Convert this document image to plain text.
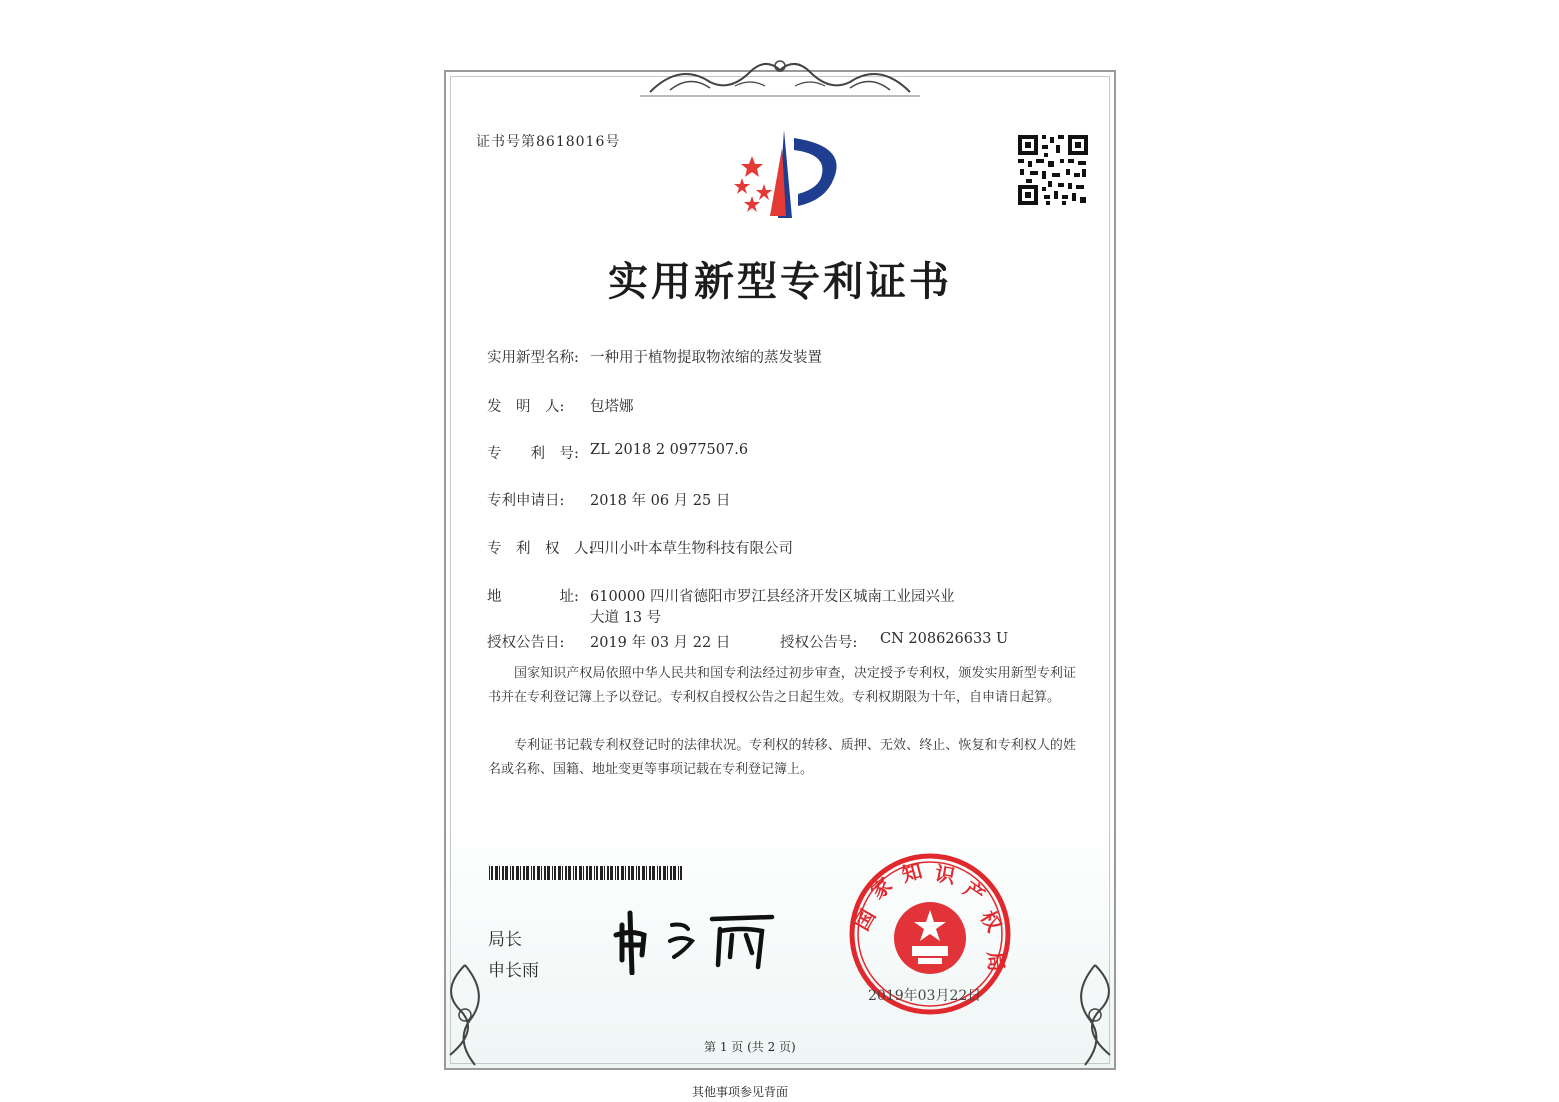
证书号第8618016号
实用新型专利证书
实用新型名称: 一种用于植物提取物浓缩的蒸发装置
发　明　人: 包塔娜
专　　利　号: ZL 2018 2 0977507.6
专利申请日: 2018 年 06 月 25 日
专　利　权　人:
四川小叶本草生物科技有限公司
地　　　　址: 610000 四川省德阳市罗江县经济开发区城南工业园兴业
大道 13 号
授权公告日: 2019 年 03 月 22 日	授权公告号: CN 208626633 U

国家知识产权局依照中华人民共和国专利法经过初步审查，决定授予专利权，颁发实用新型专利证书并在专利登记簿上予以登记。专利权自授权公告之日起生效。专利权期限为十年，自申请日起算。

专利证书记载专利权登记时的法律状况。专利权的转移、质押、无效、终止、恢复和专利权人的姓名或名称、国籍、地址变更等事项记载在专利登记簿上。

局长
申长雨
国
家 知 识
产
权
局
2019年03月22日
第 1 页 (共 2 页)
其他事项参见背面
